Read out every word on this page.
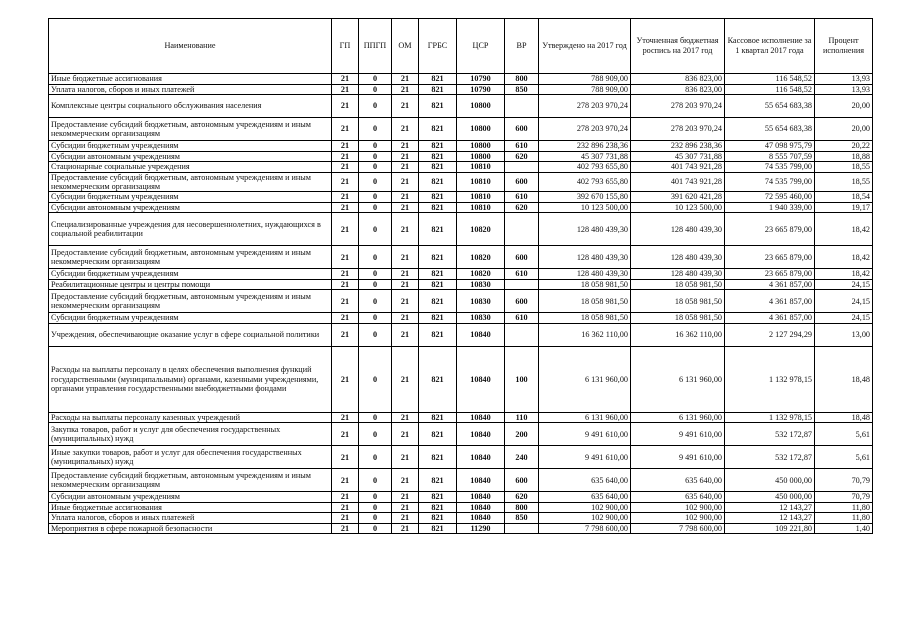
Наименование	ГП	ППГП	ОМ	ГРБС	ЦСР	ВР	Утверждено на 2017 год	Уточненная бюджетная роспись на 2017 год	Кассовое исполнение за 1 квартал 2017 года	Процент исполнения
Иные бюджетные ассигнования	21	0	21	821	10790	800	788 909,00	836 823,00	116 548,52	13,93
Уплата налогов, сборов и иных платежей	21	0	21	821	10790	850	788 909,00	836 823,00	116 548,52	13,93
Комплексные центры социального обслуживания населения	21	0	21	821	10800		278 203 970,24	278 203 970,24	55 654 683,38	20,00
Предоставление субсидий бюджетным, автономным учреждениям и иным некоммерческим организациям	21	0	21	821	10800	600	278 203 970,24	278 203 970,24	55 654 683,38	20,00
Субсидии бюджетным учреждениям	21	0	21	821	10800	610	232 896 238,36	232 896 238,36	47 098 975,79	20,22
Субсидии автономным учреждениям	21	0	21	821	10800	620	45 307 731,88	45 307 731,88	8 555 707,59	18,88
Стационарные социальные учреждения	21	0	21	821	10810		402 793 655,80	401 743 921,28	74 535 799,00	18,55
Предоставление субсидий бюджетным, автономным учреждениям и иным некоммерческим организациям	21	0	21	821	10810	600	402 793 655,80	401 743 921,28	74 535 799,00	18,55
Субсидии бюджетным учреждениям	21	0	21	821	10810	610	392 670 155,80	391 620 421,28	72 595 460,00	18,54
Субсидии автономным учреждениям	21	0	21	821	10810	620	10 123 500,00	10 123 500,00	1 940 339,00	19,17
Специализированные учреждения для несовершеннолетних, нуждающихся в социальной реабилитации	21	0	21	821	10820		128 480 439,30	128 480 439,30	23 665 879,00	18,42
Предоставление субсидий бюджетным, автономным учреждениям и иным некоммерческим организациям	21	0	21	821	10820	600	128 480 439,30	128 480 439,30	23 665 879,00	18,42
Субсидии бюджетным учреждениям	21	0	21	821	10820	610	128 480 439,30	128 480 439,30	23 665 879,00	18,42
Реабилитационные центры и центры помощи	21	0	21	821	10830		18 058 981,50	18 058 981,50	4 361 857,00	24,15
Предоставление субсидий бюджетным, автономным учреждениям и иным некоммерческим организациям	21	0	21	821	10830	600	18 058 981,50	18 058 981,50	4 361 857,00	24,15
Субсидии бюджетным учреждениям	21	0	21	821	10830	610	18 058 981,50	18 058 981,50	4 361 857,00	24,15
Учреждения, обеспечивающие оказание услуг в сфере социальной политики	21	0	21	821	10840		16 362 110,00	16 362 110,00	2 127 294,29	13,00
Расходы на выплаты персоналу в целях обеспечения выполнения функций государственными (муниципальными) органами, казенными учреждениями, органами управления государственными внебюджетными фондами	21	0	21	821	10840	100	6 131 960,00	6 131 960,00	1 132 978,15	18,48
Расходы на выплаты персоналу казенных учреждений	21	0	21	821	10840	110	6 131 960,00	6 131 960,00	1 132 978,15	18,48
Закупка товаров, работ и услуг для обеспечения государственных (муниципальных) нужд	21	0	21	821	10840	200	9 491 610,00	9 491 610,00	532 172,87	5,61
Иные закупки товаров, работ и услуг для обеспечения государственных (муниципальных) нужд	21	0	21	821	10840	240	9 491 610,00	9 491 610,00	532 172,87	5,61
Предоставление субсидий бюджетным, автономным учреждениям и иным некоммерческим организациям	21	0	21	821	10840	600	635 640,00	635 640,00	450 000,00	70,79
Субсидии автономным учреждениям	21	0	21	821	10840	620	635 640,00	635 640,00	450 000,00	70,79
Иные бюджетные ассигнования	21	0	21	821	10840	800	102 900,00	102 900,00	12 143,27	11,80
Уплата налогов, сборов и иных платежей	21	0	21	821	10840	850	102 900,00	102 900,00	12 143,27	11,80
Мероприятия в сфере пожарной безопасности	21	0	21	821	11290		7 798 600,00	7 798 600,00	109 221,80	1,40
